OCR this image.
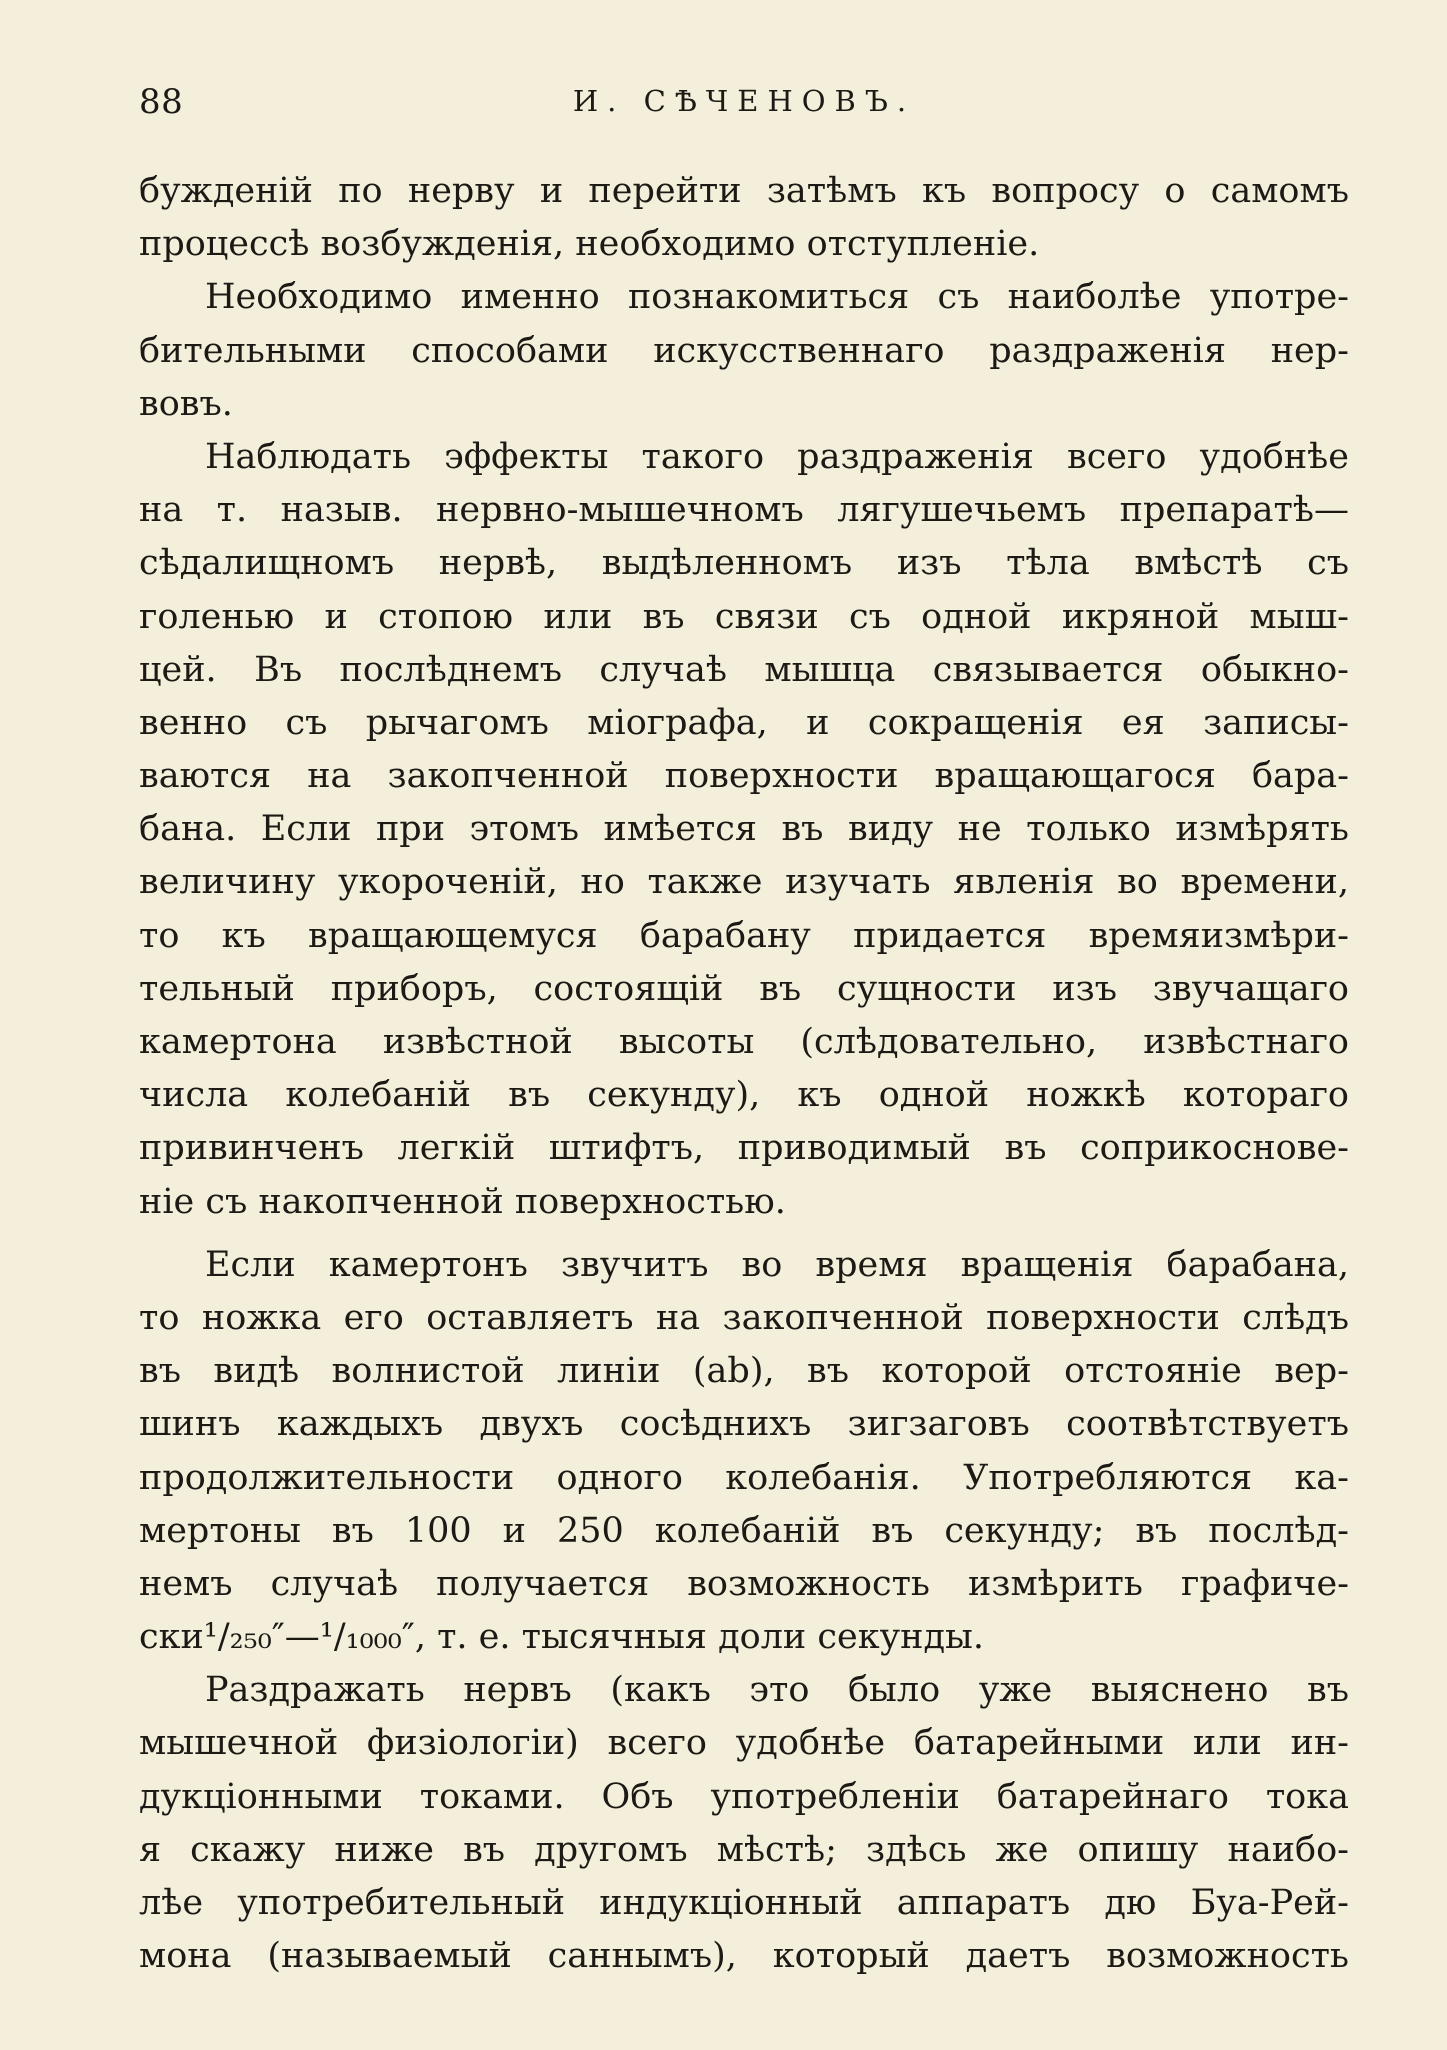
88	И. СѢЧЕНОВЪ.
бужденій по нерву и перейти затѣмъ къ вопросу о самомъ
процессѣ возбужденія, необходимо отступленіе.
Необходимо именно познакомиться съ наиболѣе употре-
бительными способами искусственнаго раздраженія нер-
вовъ.
Наблюдать эффекты такого раздраженія всего удобнѣе
на т. назыв. нервно-мышечномъ лягушечьемъ препаратѣ—
сѣдалищномъ нервѣ, выдѣленномъ изъ тѣла вмѣстѣ съ
голенью и стопою или въ связи съ одной икряной мыш-
цей. Въ послѣднемъ случаѣ мышца связывается обыкно-
венно съ рычагомъ міографа, и сокращенія ея записы-
ваются на закопченной поверхности вращающагося бара-
бана. Если при этомъ имѣется въ виду не только измѣрять
величину укороченій, но также изучать явленія во времени,
то къ вращающемуся барабану придается времяизмѣри-
тельный приборъ, состоящій въ сущности изъ звучащаго
камертона извѣстной высоты (слѣдовательно, извѣстнаго
числа колебаній въ секунду), къ одной ножкѣ котораго
привинченъ легкій штифтъ, приводимый въ соприкоснове-
ніе съ накопченной поверхностью.
Если камертонъ звучитъ во время вращенія барабана,
то ножка его оставляетъ на закопченной поверхности слѣдъ
въ видѣ волнистой линіи (ab), въ которой отстояніе вер-
шинъ каждыхъ двухъ сосѣднихъ зигзаговъ соотвѣтствуетъ
продолжительности одного колебанія. Употребляются ка-
мертоны въ 100 и 250 колебаній въ секунду; въ послѣд-
немъ случаѣ получается возможность измѣрить графиче-
ски¹/₂₅₀″—¹/₁₀₀₀″, т. е. тысячныя доли секунды.
Раздражать нервъ (какъ это было уже выяснено въ
мышечной физіологіи) всего удобнѣе батарейными или ин-
дукціонными токами. Объ употребленіи батарейнаго тока
я скажу ниже въ другомъ мѣстѣ; здѣсь же опишу наибо-
лѣе употребительный индукціонный аппаратъ дю Буа-Рей-
мона (называемый саннымъ), который даетъ возможность
